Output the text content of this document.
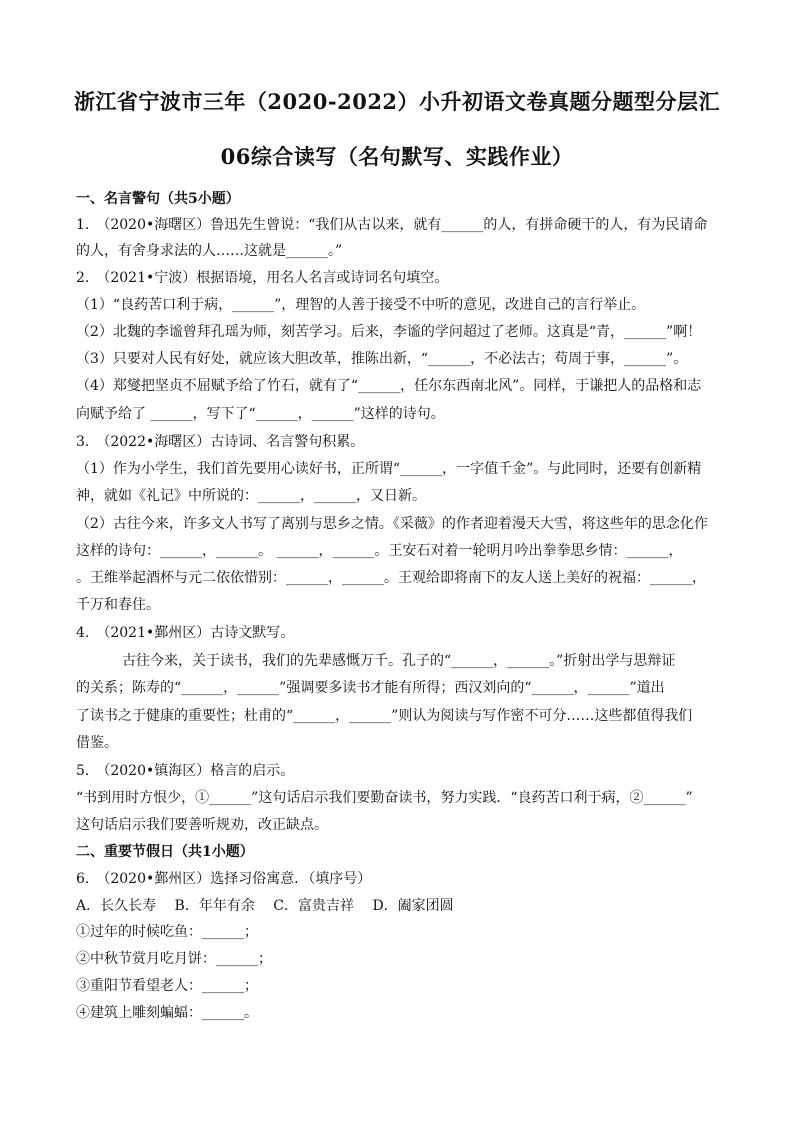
浙江省宁波市三年（2020-2022）小升初语文卷真题分题型分层汇
06综合读写（名句默写、实践作业）
一、名言警句（共5小题）
1.　（2020•海曙区）鲁迅先生曾说：“我们从古以来，就有______的人，有拼命硬干的人，有为民请命
的人，有舍身求法的人……这就是______。”
2.　（2021•宁波）根据语境，用名人名言或诗词名句填空。
（1）“良药苦口利于病，______”，理智的人善于接受不中听的意见，改进自己的言行举止。
（2）北魏的李谧曾拜孔瑶为师，刻苦学习。后来，李谧的学问超过了老师。这真是“青，______”啊！
（3）只要对人民有好处，就应该大胆改革，推陈出新，“______，不必法古；苟周于事，______”。
（4）郑燮把坚贞不屈赋予给了竹石，就有了“______，任尔东西南北风”。同样，于谦把人的品格和志
向赋予给了 ______，写下了“______，______”这样的诗句。
3.　（2022•海曙区）古诗词、名言警句积累。
（1）作为小学生，我们首先要用心读好书，正所谓“______，一字值千金”。与此同时，还要有创新精
神，就如《礼记》中所说的：______，______，又日新。
（2）古往今来，许多文人书写了离别与思乡之情。《采薇》的作者迎着漫天大雪，将这些年的思念化作
这样的诗句：______，______。 ______，______。王安石对着一轮明月吟出拳拳思乡情：______，
。王维举起酒杯与元二依依惜别：______，______。王观给即将南下的友人送上美好的祝福：______，
千万和春住。
4.　（2021•鄞州区）古诗文默写。
古往今来，关于读书，我们的先辈感慨万千。孔子的“______，______。”折射出学与思辩证
的关系；陈寿的“______，______”强调要多读书才能有所得；西汉刘向的“______，______”道出
了读书之于健康的重要性；杜甫的“______，______”则认为阅读与写作密不可分……这些都值得我们
借鉴。
5.　（2020•镇海区）格言的启示。
“书到用时方恨少，①______”这句话启示我们要勤奋读书，努力实践．“良药苦口利于病，②______”
这句话启示我们要善听规劝，改正缺点。
二、重要节假日（共1小题）
6.　（2020•鄞州区）选择习俗寓意．（填序号）
A．长久长寿　 B．年年有余　 C．富贵吉祥　 D．阖家团圆
①过年的时候吃鱼：______；
②中秋节赏月吃月饼：______；
③重阳节看望老人：______；
④建筑上雕刻蝙蝠：______。
